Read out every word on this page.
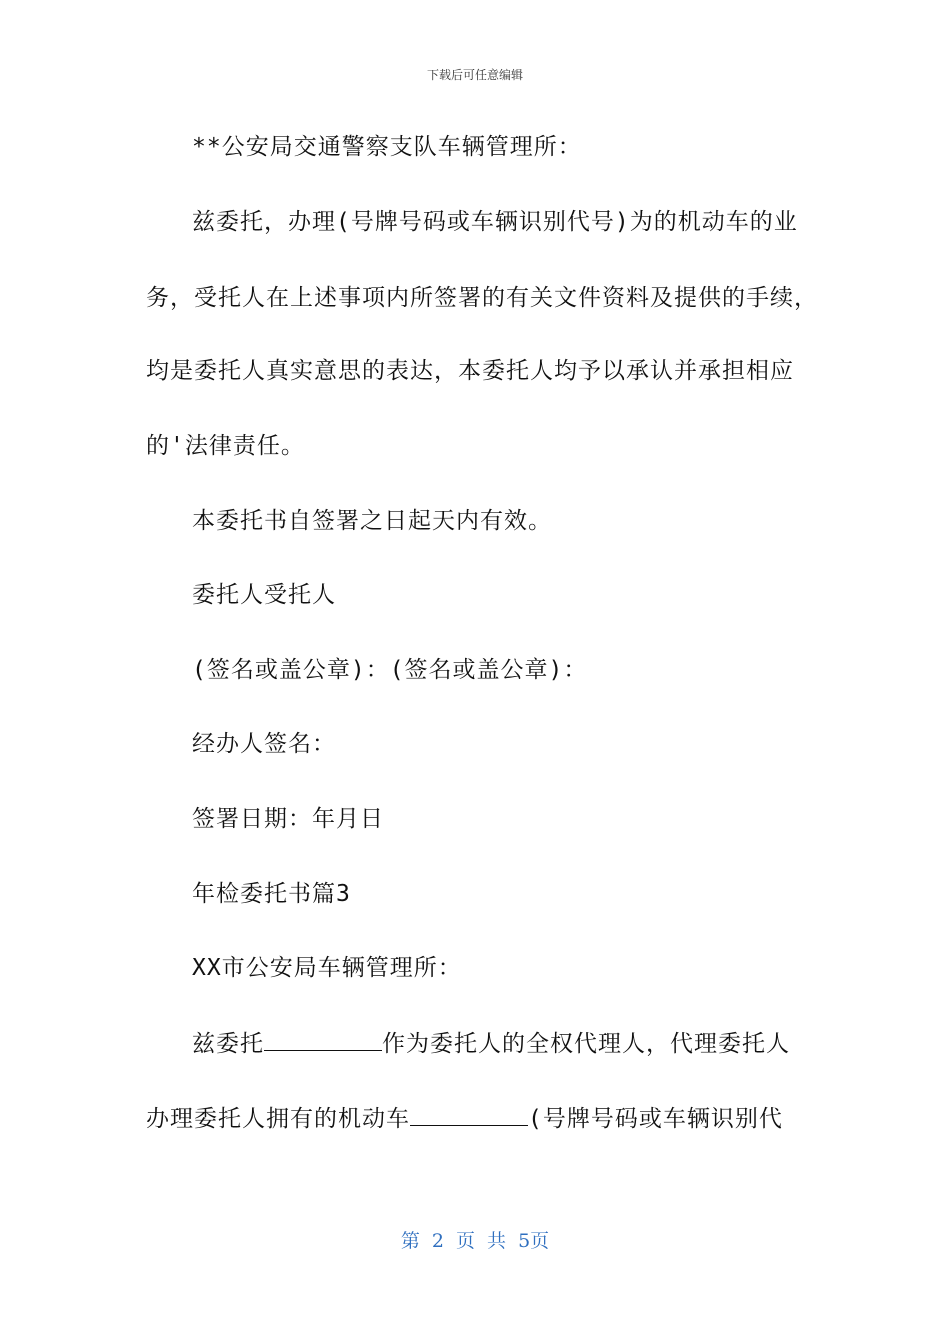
下载后可任意编辑
**公安局交通警察支队车辆管理所：
兹委托，办理(号牌号码或车辆识别代号)为的机动车的业
务，受托人在上述事项内所签署的有关文件资料及提供的手续，
均是委托人真实意思的表达，本委托人均予以承认并承担相应
的'法律责任。
本委托书自签署之日起天内有效。
委托人受托人
(签名或盖公章)：(签名或盖公章)：
经办人签名：
签署日期：年月日
年检委托书篇3
XX市公安局车辆管理所：
兹委托	作为委托人的全权代理人，代理委托人
办理委托人拥有的机动车	(号牌号码或车辆识别代
第 2 页 共 5页
